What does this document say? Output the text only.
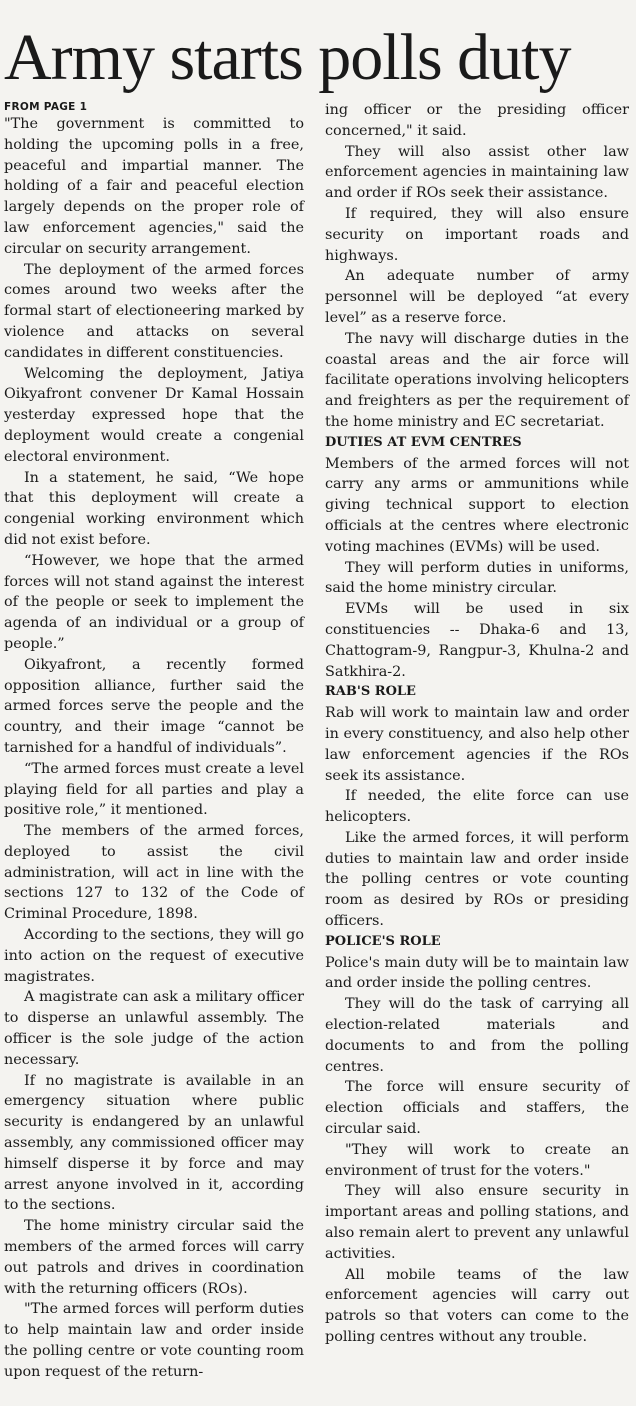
Army starts polls duty
FROM PAGE 1

"The government is committed to holding the upcoming polls in a free, peaceful and impartial manner. The holding of a fair and peaceful election largely depends on the proper role of law enforcement agencies," said the circular on security arrangement.

The deployment of the armed forces comes around two weeks after the formal start of electioneering marked by violence and attacks on several candidates in different constituencies.

Welcoming the deployment, Jatiya Oikyafront convener Dr Kamal Hossain yesterday expressed hope that the deployment would create a congenial electoral environment.

In a statement, he said, “We hope that this deployment will create a congenial working environment which did not exist before.

“However, we hope that the armed forces will not stand against the interest of the people or seek to implement the agenda of an individual or a group of people.”

Oikyafront, a recently formed opposition alliance, further said the armed forces serve the people and the country, and their image “cannot be tarnished for a handful of individuals”.

“The armed forces must create a level playing field for all parties and play a positive role,” it mentioned.

The members of the armed forces, deployed to assist the civil administration, will act in line with the sections 127 to 132 of the Code of Criminal Procedure, 1898.

According to the sections, they will go into action on the request of executive magistrates.

A magistrate can ask a military officer to disperse an unlawful assembly. The officer is the sole judge of the action necessary.

If no magistrate is available in an emergency situation where public security is endangered by an unlawful assembly, any commissioned officer may himself disperse it by force and may arrest anyone involved in it, according to the sections.

The home ministry circular said the members of the armed forces will carry out patrols and drives in coordination with the returning officers (ROs).

"The armed forces will perform duties to help maintain law and order inside the polling centre or vote counting room upon request of the return-

ing officer or the presiding officer concerned," it said.

They will also assist other law enforcement agencies in maintaining law and order if ROs seek their assistance.

If required, they will also ensure security on important roads and highways.

An adequate number of army personnel will be deployed “at every level” as a reserve force.

The navy will discharge duties in the coastal areas and the air force will facilitate operations involving helicopters and freighters as per the requirement of the home ministry and EC secretariat.

DUTIES AT EVM CENTRES

Members of the armed forces will not carry any arms or ammunitions while giving technical support to election officials at the centres where electronic voting machines (EVMs) will be used.

They will perform duties in uniforms, said the home ministry circular.

EVMs will be used in six constituencies -- Dhaka-6 and 13, Chattogram-9, Rangpur-3, Khulna-2 and Satkhira-2.

RAB'S ROLE

Rab will work to maintain law and order in every constituency, and also help other law enforcement agencies if the ROs seek its assistance.

If needed, the elite force can use helicopters.

Like the armed forces, it will perform duties to maintain law and order inside the polling centres or vote counting room as desired by ROs or presiding officers.

POLICE'S ROLE

Police's main duty will be to maintain law and order inside the polling centres.

They will do the task of carrying all election-related materials and documents to and from the polling centres.

The force will ensure security of election officials and staffers, the circular said.

"They will work to create an environment of trust for the voters."

They will also ensure security in important areas and polling stations, and also remain alert to prevent any unlawful activities.

All mobile teams of the law enforcement agencies will carry out patrols so that voters can come to the polling centres without any trouble.
